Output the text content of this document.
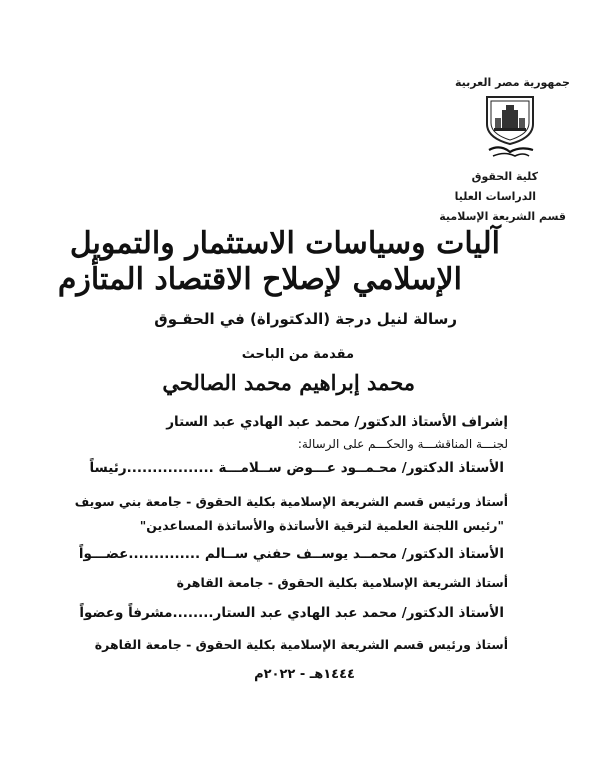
جمهورية مصر العربية
كلية الحقوق
الدراسات العليا
قسم الشريعة الإسلامية
آليات وسياسات الاستثمار والتمويل
الإسلامي لإصلاح الاقتصاد المتأزم
رسالة لنيل درجة (الدكتوراة) في الحقـوق
مقدمة من الباحث
محمد إبراهيم محمد الصالحي
إشراف الأستاذ الدكتور/ محمد عبد الهادي عبد الستار
لجنـــة المناقشـــة والحكـــم على الرسالة:
الأستاذ الدكتور/ محـمــود عـــوض ســلامـــة .................رئيساً
أستاذ ورئيس قسم الشريعة الإسلامية بكلية الحقوق - جامعة بني سويف
"رئيس اللجنة العلمية لترقية الأساتذة والأساتذة المساعدين"
الأستاذ الدكتور/ محمــد يوســف حفني ســالم ..............عضـــواً
أستاذ الشريعة الإسلامية بكلية الحقوق - جامعة القاهرة
الأستاذ الدكتور/ محمد عبد الهادي عبد الستار........مشرفاً وعضواً
أستاذ ورئيس قسم الشريعة الإسلامية بكلية الحقوق - جامعة القاهرة
١٤٤٤هـ - ٢٠٢٢م
